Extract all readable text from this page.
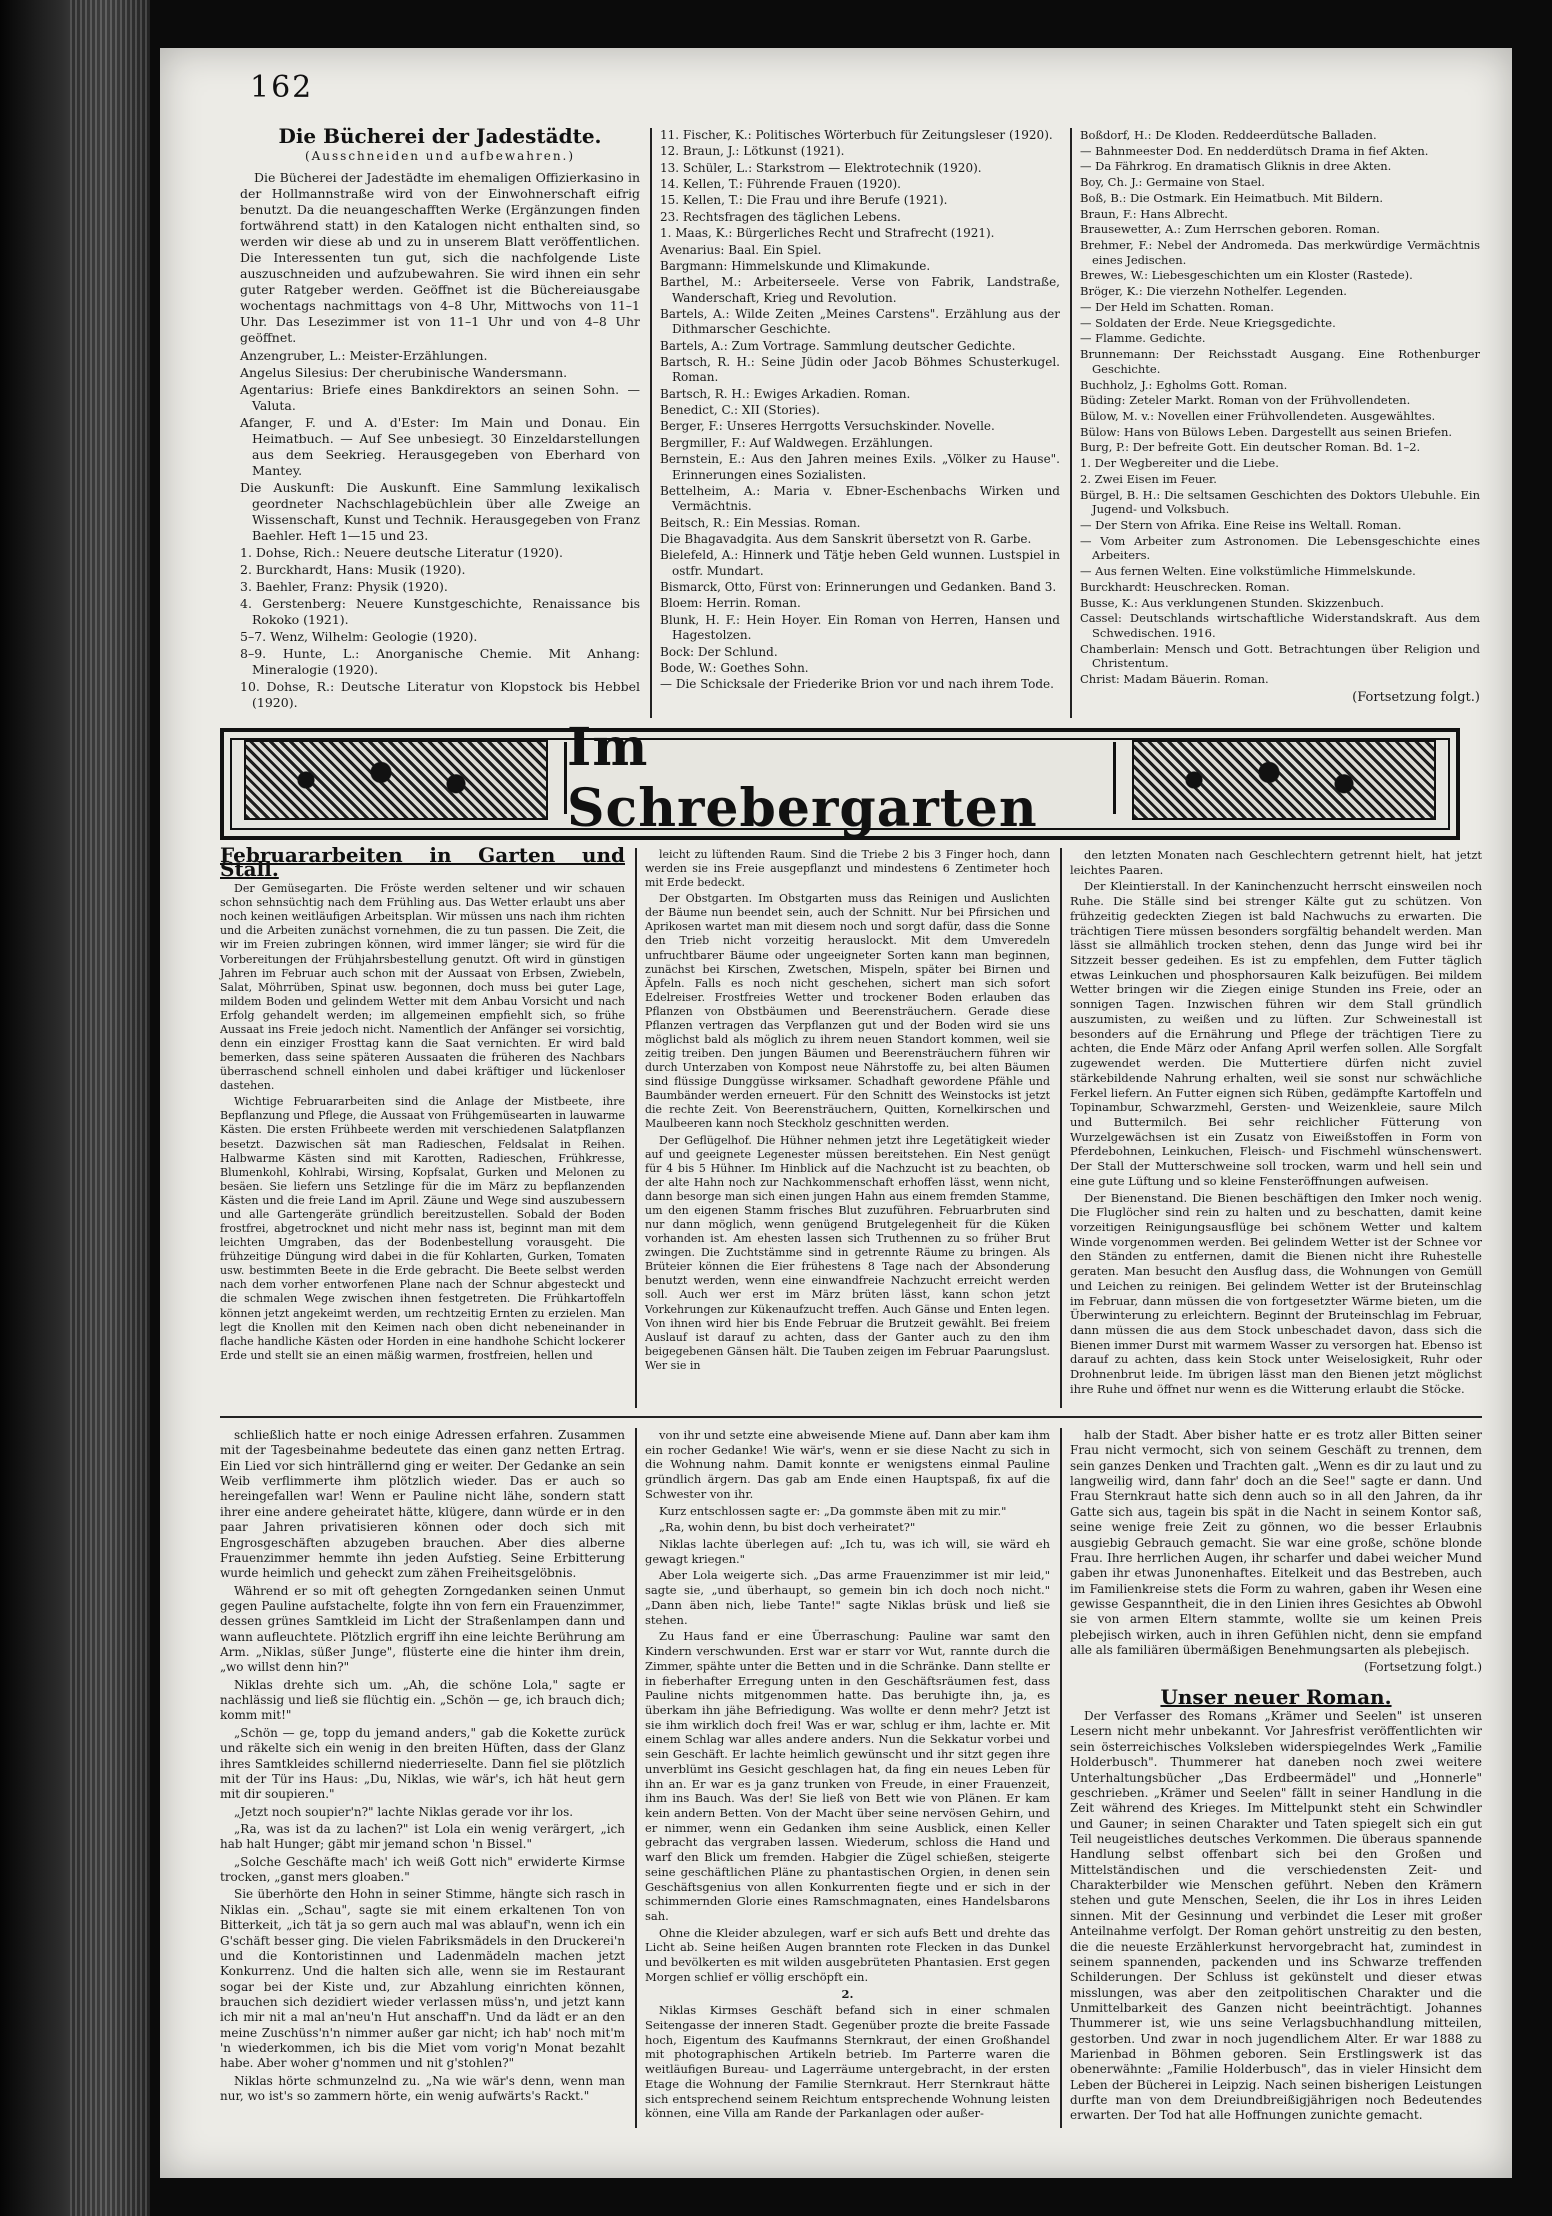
162
Die Bücherei der Jadestädte.
(Ausschneiden und aufbewahren.)

Die Bücherei der Jadestädte im ehemaligen Offizierkasino in der Hollmannstraße wird von der Einwohnerschaft eifrig benutzt. Da die neuangeschafften Werke (Ergänzungen finden fortwährend statt) in den Katalogen nicht enthalten sind, so werden wir diese ab und zu in unserem Blatt veröffentlichen. Die Interessenten tun gut, sich die nachfolgende Liste auszuschneiden und aufzubewahren. Sie wird ihnen ein sehr guter Ratgeber werden. Geöffnet ist die Büchereiausgabe wochentags nachmittags von 4–8 Uhr, Mittwochs von 11–1 Uhr. Das Lesezimmer ist von 11–1 Uhr und von 4–8 Uhr geöffnet.

Anzengruber, L.: Meister-Erzählungen.
Angelus Silesius: Der cherubinische Wandersmann.
Agentarius: Briefe eines Bankdirektors an seinen Sohn. — Valuta.
Afanger, F. und A. d'Ester: Im Main und Donau. Ein Heimatbuch. — Auf See unbesiegt. 30 Einzeldarstellungen aus dem Seekrieg. Herausgegeben von Eberhard von Mantey.
Die Auskunft: Die Auskunft. Eine Sammlung lexikalisch geordneter Nachschlagebüchlein über alle Zweige an Wissenschaft, Kunst und Technik. Herausgegeben von Franz Baehler. Heft 1—15 und 23.
1. Dohse, Rich.: Neuere deutsche Literatur (1920).
2. Burckhardt, Hans: Musik (1920).
3. Baehler, Franz: Physik (1920).
4. Gerstenberg: Neuere Kunstgeschichte, Renaissance bis Rokoko (1921).
5–7. Wenz, Wilhelm: Geologie (1920).
8–9. Hunte, L.: Anorganische Chemie. Mit Anhang: Mineralogie (1920).
10. Dohse, R.: Deutsche Literatur von Klopstock bis Hebbel (1920).
11. Fischer, K.: Politisches Wörterbuch für Zeitungsleser (1920).
12. Braun, J.: Lötkunst (1921).
13. Schüler, L.: Starkstrom — Elektrotechnik (1920).
14. Kellen, T.: Führende Frauen (1920).
15. Kellen, T.: Die Frau und ihre Berufe (1921).
23. Rechtsfragen des täglichen Lebens.
1. Maas, K.: Bürgerliches Recht und Strafrecht (1921).
Avenarius: Baal. Ein Spiel.
Bargmann: Himmelskunde und Klimakunde.
Barthel, M.: Arbeiterseele. Verse von Fabrik, Landstraße, Wanderschaft, Krieg und Revolution.
Bartels, A.: Wilde Zeiten „Meines Carstens". Erzählung aus der Dithmarscher Geschichte.
Bartels, A.: Zum Vortrage. Sammlung deutscher Gedichte.
Bartsch, R. H.: Seine Jüdin oder Jacob Böhmes Schusterkugel. Roman.
Bartsch, R. H.: Ewiges Arkadien. Roman.
Benedict, C.: XII (Stories).
Berger, F.: Unseres Herrgotts Versuchskinder. Novelle.
Bergmiller, F.: Auf Waldwegen. Erzählungen.
Bernstein, E.: Aus den Jahren meines Exils. „Völker zu Hause". Erinnerungen eines Sozialisten.
Bettelheim, A.: Maria v. Ebner-Eschenbachs Wirken und Vermächtnis.
Beitsch, R.: Ein Messias. Roman.
Die Bhagavadgita. Aus dem Sanskrit übersetzt von R. Garbe.
Bielefeld, A.: Hinnerk und Tätje heben Geld wunnen. Lustspiel in ostfr. Mundart.
Bismarck, Otto, Fürst von: Erinnerungen und Gedanken. Band 3.
Bloem: Herrin. Roman.
Blunk, H. F.: Hein Hoyer. Ein Roman von Herren, Hansen und Hagestolzen.
Bock: Der Schlund.
Bode, W.: Goethes Sohn.
— Die Schicksale der Friederike Brion vor und nach ihrem Tode.
Boßdorf, H.: De Kloden. Reddeerdütsche Balladen.
— Bahnmeester Dod. En nedderdütsch Drama in fief Akten.
— Da Fährkrog. En dramatisch Gliknis in dree Akten.
Boy, Ch. J.: Germaine von Stael.
Boß, B.: Die Ostmark. Ein Heimatbuch. Mit Bildern.
Braun, F.: Hans Albrecht.
Brausewetter, A.: Zum Herrschen geboren. Roman.
Brehmer, F.: Nebel der Andromeda. Das merkwürdige Vermächtnis eines Jedischen.
Brewes, W.: Liebesgeschichten um ein Kloster (Rastede).
Bröger, K.: Die vierzehn Nothelfer. Legenden.
— Der Held im Schatten. Roman.
— Soldaten der Erde. Neue Kriegsgedichte.
— Flamme. Gedichte.
Brunnemann: Der Reichsstadt Ausgang. Eine Rothenburger Geschichte.
Buchholz, J.: Egholms Gott. Roman.
Büding: Zeteler Markt. Roman von der Frühvollendeten.
Bülow, M. v.: Novellen einer Frühvollendeten. Ausgewähltes.
Bülow: Hans von Bülows Leben. Dargestellt aus seinen Briefen.
Burg, P.: Der befreite Gott. Ein deutscher Roman. Bd. 1–2.
1. Der Wegbereiter und die Liebe.
2. Zwei Eisen im Feuer.
Bürgel, B. H.: Die seltsamen Geschichten des Doktors Ulebuhle. Ein Jugend- und Volksbuch.
— Der Stern von Afrika. Eine Reise ins Weltall. Roman.
— Vom Arbeiter zum Astronomen. Die Lebensgeschichte eines Arbeiters.
— Aus fernen Welten. Eine volkstümliche Himmelskunde.
Burckhardt: Heuschrecken. Roman.
Busse, K.: Aus verklungenen Stunden. Skizzenbuch.
Cassel: Deutschlands wirtschaftliche Widerstandskraft. Aus dem Schwedischen. 1916.
Chamberlain: Mensch und Gott. Betrachtungen über Religion und Christentum.
Christ: Madam Bäuerin. Roman.
(Fortsetzung folgt.)
Im Schrebergarten
Februararbeiten in Garten und Stall.

Der Gemüsegarten. Die Fröste werden seltener und wir schauen schon sehnsüchtig nach dem Frühling aus. Das Wetter erlaubt uns aber noch keinen weitläufigen Arbeitsplan. Wir müssen uns nach ihm richten und die Arbeiten zunächst vornehmen, die zu tun passen. Die Zeit, die wir im Freien zubringen können, wird immer länger; sie wird für die Vorbereitungen der Frühjahrsbestellung genutzt. Oft wird in günstigen Jahren im Februar auch schon mit der Aussaat von Erbsen, Zwiebeln, Salat, Möhrrüben, Spinat usw. begonnen, doch muss bei guter Lage, mildem Boden und gelindem Wetter mit dem Anbau Vorsicht und nach Erfolg gehandelt werden; im allgemeinen empfiehlt sich, so frühe Aussaat ins Freie jedoch nicht. Namentlich der Anfänger sei vorsichtig, denn ein einziger Frosttag kann die Saat vernichten. Er wird bald bemerken, dass seine späteren Aussaaten die früheren des Nachbars überraschend schnell einholen und dabei kräftiger und lückenloser dastehen.

Wichtige Februararbeiten sind die Anlage der Mistbeete, ihre Bepflanzung und Pflege, die Aussaat von Frühgemüsearten in lauwarme Kästen. Die ersten Frühbeete werden mit verschiedenen Salatpflanzen besetzt. Dazwischen sät man Radieschen, Feldsalat in Reihen. Halbwarme Kästen sind mit Karotten, Radieschen, Frühkresse, Blumenkohl, Kohlrabi, Wirsing, Kopfsalat, Gurken und Melonen zu besäen. Sie liefern uns Setzlinge für die im März zu bepflanzenden Kästen und die freie Land im April. Zäune und Wege sind auszubessern und alle Gartengeräte gründlich bereitzustellen. Sobald der Boden frostfrei, abgetrocknet und nicht mehr nass ist, beginnt man mit dem leichten Umgraben, das der Bodenbestellung vorausgeht. Die frühzeitige Düngung wird dabei in die für Kohlarten, Gurken, Tomaten usw. bestimmten Beete in die Erde gebracht. Die Beete selbst werden nach dem vorher entworfenen Plane nach der Schnur abgesteckt und die schmalen Wege zwischen ihnen festgetreten. Die Frühkartoffeln können jetzt angekeimt werden, um rechtzeitig Ernten zu erzielen. Man legt die Knollen mit den Keimen nach oben dicht nebeneinander in flache handliche Kästen oder Horden in eine handhohe Schicht lockerer Erde und stellt sie an einen mäßig warmen, frostfreien, hellen und

leicht zu lüftenden Raum. Sind die Triebe 2 bis 3 Finger hoch, dann werden sie ins Freie ausgepflanzt und mindestens 6 Zentimeter hoch mit Erde bedeckt.

Der Obstgarten. Im Obstgarten muss das Reinigen und Auslichten der Bäume nun beendet sein, auch der Schnitt. Nur bei Pfirsichen und Aprikosen wartet man mit diesem noch und sorgt dafür, dass die Sonne den Trieb nicht vorzeitig herauslockt. Mit dem Umveredeln unfruchtbarer Bäume oder ungeeigneter Sorten kann man beginnen, zunächst bei Kirschen, Zwetschen, Mispeln, später bei Birnen und Äpfeln. Falls es noch nicht geschehen, sichert man sich sofort Edelreiser. Frostfreies Wetter und trockener Boden erlauben das Pflanzen von Obstbäumen und Beerensträuchern. Gerade diese Pflanzen vertragen das Verpflanzen gut und der Boden wird sie uns möglichst bald als möglich zu ihrem neuen Standort kommen, weil sie zeitig treiben. Den jungen Bäumen und Beerensträuchern führen wir durch Unterzaben von Kompost neue Nährstoffe zu, bei alten Bäumen sind flüssige Dunggüsse wirksamer. Schadhaft gewordene Pfähle und Baumbänder werden erneuert. Für den Schnitt des Weinstocks ist jetzt die rechte Zeit. Von Beerensträuchern, Quitten, Kornelkirschen und Maulbeeren kann noch Steckholz geschnitten werden.

Der Geflügelhof. Die Hühner nehmen jetzt ihre Legetätigkeit wieder auf und geeignete Legenester müssen bereitstehen. Ein Nest genügt für 4 bis 5 Hühner. Im Hinblick auf die Nachzucht ist zu beachten, ob der alte Hahn noch zur Nachkommenschaft erhoffen lässt, wenn nicht, dann besorge man sich einen jungen Hahn aus einem fremden Stamme, um den eigenen Stamm frisches Blut zuzuführen. Februarbruten sind nur dann möglich, wenn genügend Brutgelegenheit für die Küken vorhanden ist. Am ehesten lassen sich Truthennen zu so früher Brut zwingen. Die Zuchtstämme sind in getrennte Räume zu bringen. Als Brüteier können die Eier frühestens 8 Tage nach der Absonderung benutzt werden, wenn eine einwandfreie Nachzucht erreicht werden soll. Auch wer erst im März brüten lässt, kann schon jetzt Vorkehrungen zur Kükenaufzucht treffen. Auch Gänse und Enten legen. Von ihnen wird hier bis Ende Februar die Brutzeit gewählt. Bei freiem Auslauf ist darauf zu achten, dass der Ganter auch zu den ihm beigegebenen Gänsen hält. Die Tauben zeigen im Februar Paarungslust. Wer sie in

den letzten Monaten nach Geschlechtern getrennt hielt, hat jetzt leichtes Paaren.

Der Kleintierstall. In der Kaninchenzucht herrscht einsweilen noch Ruhe. Die Ställe sind bei strenger Kälte gut zu schützen. Von frühzeitig gedeckten Ziegen ist bald Nachwuchs zu erwarten. Die trächtigen Tiere müssen besonders sorgfältig behandelt werden. Man lässt sie allmählich trocken stehen, denn das Junge wird bei ihr Sitzzeit besser gedeihen. Es ist zu empfehlen, dem Futter täglich etwas Leinkuchen und phosphorsauren Kalk beizufügen. Bei mildem Wetter bringen wir die Ziegen einige Stunden ins Freie, oder an sonnigen Tagen. Inzwischen führen wir dem Stall gründlich auszumisten, zu weißen und zu lüften. Zur Schweinestall ist besonders auf die Ernährung und Pflege der trächtigen Tiere zu achten, die Ende März oder Anfang April werfen sollen. Alle Sorgfalt zugewendet werden. Die Muttertiere dürfen nicht zuviel stärkebildende Nahrung erhalten, weil sie sonst nur schwächliche Ferkel liefern. An Futter eignen sich Rüben, gedämpfte Kartoffeln und Topinambur, Schwarzmehl, Gersten- und Weizenkleie, saure Milch und Buttermilch. Bei sehr reichlicher Fütterung von Wurzelgewächsen ist ein Zusatz von Eiweißstoffen in Form von Pferdebohnen, Leinkuchen, Fleisch- und Fischmehl wünschenswert. Der Stall der Mutterschweine soll trocken, warm und hell sein und eine gute Lüftung und so kleine Fensteröffnungen aufweisen.

Der Bienenstand. Die Bienen beschäftigen den Imker noch wenig. Die Fluglöcher sind rein zu halten und zu beschatten, damit keine vorzeitigen Reinigungsausflüge bei schönem Wetter und kaltem Winde vorgenommen werden. Bei gelindem Wetter ist der Schnee vor den Ständen zu entfernen, damit die Bienen nicht ihre Ruhestelle geraten. Man besucht den Ausflug dass, die Wohnungen von Gemüll und Leichen zu reinigen. Bei gelindem Wetter ist der Bruteinschlag im Februar, dann müssen die von fortgesetzter Wärme bieten, um die Überwinterung zu erleichtern. Beginnt der Bruteinschlag im Februar, dann müssen die aus dem Stock unbeschadet davon, dass sich die Bienen immer Durst mit warmem Wasser zu versorgen hat. Ebenso ist darauf zu achten, dass kein Stock unter Weiselosigkeit, Ruhr oder Drohnenbrut leide. Im übrigen lässt man den Bienen jetzt möglichst ihre Ruhe und öffnet nur wenn es die Witterung erlaubt die Stöcke.

schließlich hatte er noch einige Adressen erfahren. Zusammen mit der Tagesbeinahme bedeutete das einen ganz netten Ertrag. Ein Lied vor sich hinträllernd ging er weiter. Der Gedanke an sein Weib verflimmerte ihm plötzlich wieder. Das er auch so hereingefallen war! Wenn er Pauline nicht lähe, sondern statt ihrer eine andere geheiratet hätte, klügere, dann würde er in den paar Jahren privatisieren können oder doch sich mit Engrosgeschäften abzugeben brauchen. Aber dies alberne Frauenzimmer hemmte ihn jeden Aufstieg. Seine Erbitterung wurde heimlich und geheckt zum zähen Freiheitsgelöbnis.

Während er so mit oft gehegten Zorngedanken seinen Unmut gegen Pauline aufstachelte, folgte ihn von fern ein Frauenzimmer, dessen grünes Samtkleid im Licht der Straßenlampen dann und wann aufleuchtete. Plötzlich ergriff ihn eine leichte Berührung am Arm. „Niklas, süßer Junge", flüsterte eine die hinter ihm drein, „wo willst denn hin?"

Niklas drehte sich um. „Ah, die schöne Lola," sagte er nachlässig und ließ sie flüchtig ein. „Schön — ge, ich brauch dich; komm mit!"

„Schön — ge, topp du jemand anders," gab die Kokette zurück und räkelte sich ein wenig in den breiten Hüften, dass der Glanz ihres Samtkleides schillernd niederrieselte. Dann fiel sie plötzlich mit der Tür ins Haus: „Du, Niklas, wie wär's, ich hät heut gern mit dir soupieren."

„Jetzt noch soupier'n?" lachte Niklas gerade vor ihr los.

„Ra, was ist da zu lachen?" ist Lola ein wenig verärgert, „ich hab halt Hunger; gäbt mir jemand schon 'n Bissel."

„Solche Geschäfte mach' ich weiß Gott nich" erwiderte Kirmse trocken, „ganst mers gloaben."

Sie überhörte den Hohn in seiner Stimme, hängte sich rasch in Niklas ein. „Schau", sagte sie mit einem erkaltenen Ton von Bitterkeit, „ich tät ja so gern auch mal was ablauf'n, wenn ich ein G'schäft besser ging. Die vielen Fabriksmädels in den Druckerei'n und die Kontoristinnen und Ladenmädeln machen jetzt Konkurrenz. Und die halten sich alle, wenn sie im Restaurant sogar bei der Kiste und, zur Abzahlung einrichten können, brauchen sich dezidiert wieder verlassen müss'n, und jetzt kann ich mir nit a mal an'neu'n Hut anschaff'n. Und da lädt er an den meine Zuschüss'n'n nimmer außer gar nicht; ich hab' noch mit'm 'n wiederkommen, ich bis die Miet vom vorig'n Monat bezahlt habe. Aber woher g'nommen und nit g'stohlen?"

Niklas hörte schmunzelnd zu. „Na wie wär's denn, wenn man nur, wo ist's so zammern hörte, ein wenig aufwärts's Rackt."

von ihr und setzte eine abweisende Miene auf. Dann aber kam ihm ein rocher Gedanke! Wie wär's, wenn er sie diese Nacht zu sich in die Wohnung nahm. Damit konnte er wenigstens einmal Pauline gründlich ärgern. Das gab am Ende einen Hauptspaß, fix auf die Schwester von ihr.

Kurz entschlossen sagte er: „Da gommste äben mit zu mir."

„Ra, wohin denn, bu bist doch verheiratet?"

Niklas lachte überlegen auf: „Ich tu, was ich will, sie wärd eh gewagt kriegen."

Aber Lola weigerte sich. „Das arme Frauenzimmer ist mir leid," sagte sie, „und überhaupt, so gemein bin ich doch noch nicht." „Dann äben nich, liebe Tante!" sagte Niklas brüsk und ließ sie stehen.

Zu Haus fand er eine Überraschung: Pauline war samt den Kindern verschwunden. Erst war er starr vor Wut, rannte durch die Zimmer, spähte unter die Betten und in die Schränke. Dann stellte er in fieberhafter Erregung unten in den Geschäftsräumen fest, dass Pauline nichts mitgenommen hatte. Das beruhigte ihn, ja, es überkam ihn jähe Befriedigung. Was wollte er denn mehr? Jetzt ist sie ihm wirklich doch frei! Was er war, schlug er ihm, lachte er. Mit einem Schlag war alles andere anders. Nun die Sekkatur vorbei und sein Geschäft. Er lachte heimlich gewünscht und ihr sitzt gegen ihre unverblümt ins Gesicht geschlagen hat, da fing ein neues Leben für ihn an. Er war es ja ganz trunken von Freude, in einer Frauenzeit, ihm ins Bauch. Was der! Sie ließ von Bett wie von Plänen. Er kam kein andern Betten. Von der Macht über seine nervösen Gehirn, und er nimmer, wenn ein Gedanken ihm seine Ausblick, einen Keller gebracht das vergraben lassen. Wiederum, schloss die Hand und warf den Blick um fremden. Habgier die Zügel schießen, steigerte seine geschäftlichen Pläne zu phantastischen Orgien, in denen sein Geschäftsgenius von allen Konkurrenten fiegte und er sich in der schimmernden Glorie eines Ramschmagnaten, eines Handelsbarons sah.

Ohne die Kleider abzulegen, warf er sich aufs Bett und drehte das Licht ab. Seine heißen Augen brannten rote Flecken in das Dunkel und bevölkerten es mit wilden ausgebrüteten Phantasien. Erst gegen Morgen schlief er völlig erschöpft ein.

2.

Niklas Kirmses Geschäft befand sich in einer schmalen Seitengasse der inneren Stadt. Gegenüber prozte die breite Fassade hoch, Eigentum des Kaufmanns Sternkraut, der einen Großhandel mit photographischen Artikeln betrieb. Im Parterre waren die weitläufigen Bureau- und Lagerräume untergebracht, in der ersten Etage die Wohnung der Familie Sternkraut. Herr Sternkraut hätte sich entsprechend seinem Reichtum entsprechende Wohnung leisten können, eine Villa am Rande der Parkanlagen oder außer-

halb der Stadt. Aber bisher hatte er es trotz aller Bitten seiner Frau nicht vermocht, sich von seinem Geschäft zu trennen, dem sein ganzes Denken und Trachten galt. „Wenn es dir zu laut und zu langweilig wird, dann fahr' doch an die See!" sagte er dann. Und Frau Sternkraut hatte sich denn auch so in all den Jahren, da ihr Gatte sich aus, tagein bis spät in die Nacht in seinem Kontor saß, seine wenige freie Zeit zu gönnen, wo die besser Erlaubnis ausgiebig Gebrauch gemacht. Sie war eine große, schöne blonde Frau. Ihre herrlichen Augen, ihr scharfer und dabei weicher Mund gaben ihr etwas Junonenhaftes. Eitelkeit und das Bestreben, auch im Familienkreise stets die Form zu wahren, gaben ihr Wesen eine gewisse Gespanntheit, die in den Linien ihres Gesichtes ab Obwohl sie von armen Eltern stammte, wollte sie um keinen Preis plebejisch wirken, auch in ihren Gefühlen nicht, denn sie empfand alle als familiären übermäßigen Benehmungsarten als plebejisch.

(Fortsetzung folgt.)

Unser neuer Roman.

Der Verfasser des Romans „Krämer und Seelen" ist unseren Lesern nicht mehr unbekannt. Vor Jahresfrist veröffentlichten wir sein österreichisches Volksleben widerspiegelndes Werk „Familie Holderbusch". Thummerer hat daneben noch zwei weitere Unterhaltungsbücher „Das Erdbeermädel" und „Honnerle" geschrieben. „Krämer und Seelen" fällt in seiner Handlung in die Zeit während des Krieges. Im Mittelpunkt steht ein Schwindler und Gauner; in seinen Charakter und Taten spiegelt sich ein gut Teil neugeistliches deutsches Verkommen. Die überaus spannende Handlung selbst offenbart sich bei den Großen und Mittelständischen und die verschiedensten Zeit- und Charakterbilder wie Menschen geführt. Neben den Krämern stehen und gute Menschen, Seelen, die ihr Los in ihres Leiden sinnen. Mit der Gesinnung und verbindet die Leser mit großer Anteilnahme verfolgt. Der Roman gehört unstreitig zu den besten, die die neueste Erzählerkunst hervorgebracht hat, zumindest in seinem spannenden, packenden und ins Schwarze treffenden Schilderungen. Der Schluss ist gekünstelt und dieser etwas misslungen, was aber den zeitpolitischen Charakter und die Unmittelbarkeit des Ganzen nicht beeinträchtigt. Johannes Thummerer ist, wie uns seine Verlagsbuchhandlung mitteilen, gestorben. Und zwar in noch jugendlichem Alter. Er war 1888 zu Marienbad in Böhmen geboren. Sein Erstlingswerk ist das obenerwähnte: „Familie Holderbusch", das in vieler Hinsicht dem Leben der Bücherei in Leipzig. Nach seinen bisherigen Leistungen durfte man von dem Dreiundbreißigjährigen noch Bedeutendes erwarten. Der Tod hat alle Hoffnungen zunichte gemacht.
